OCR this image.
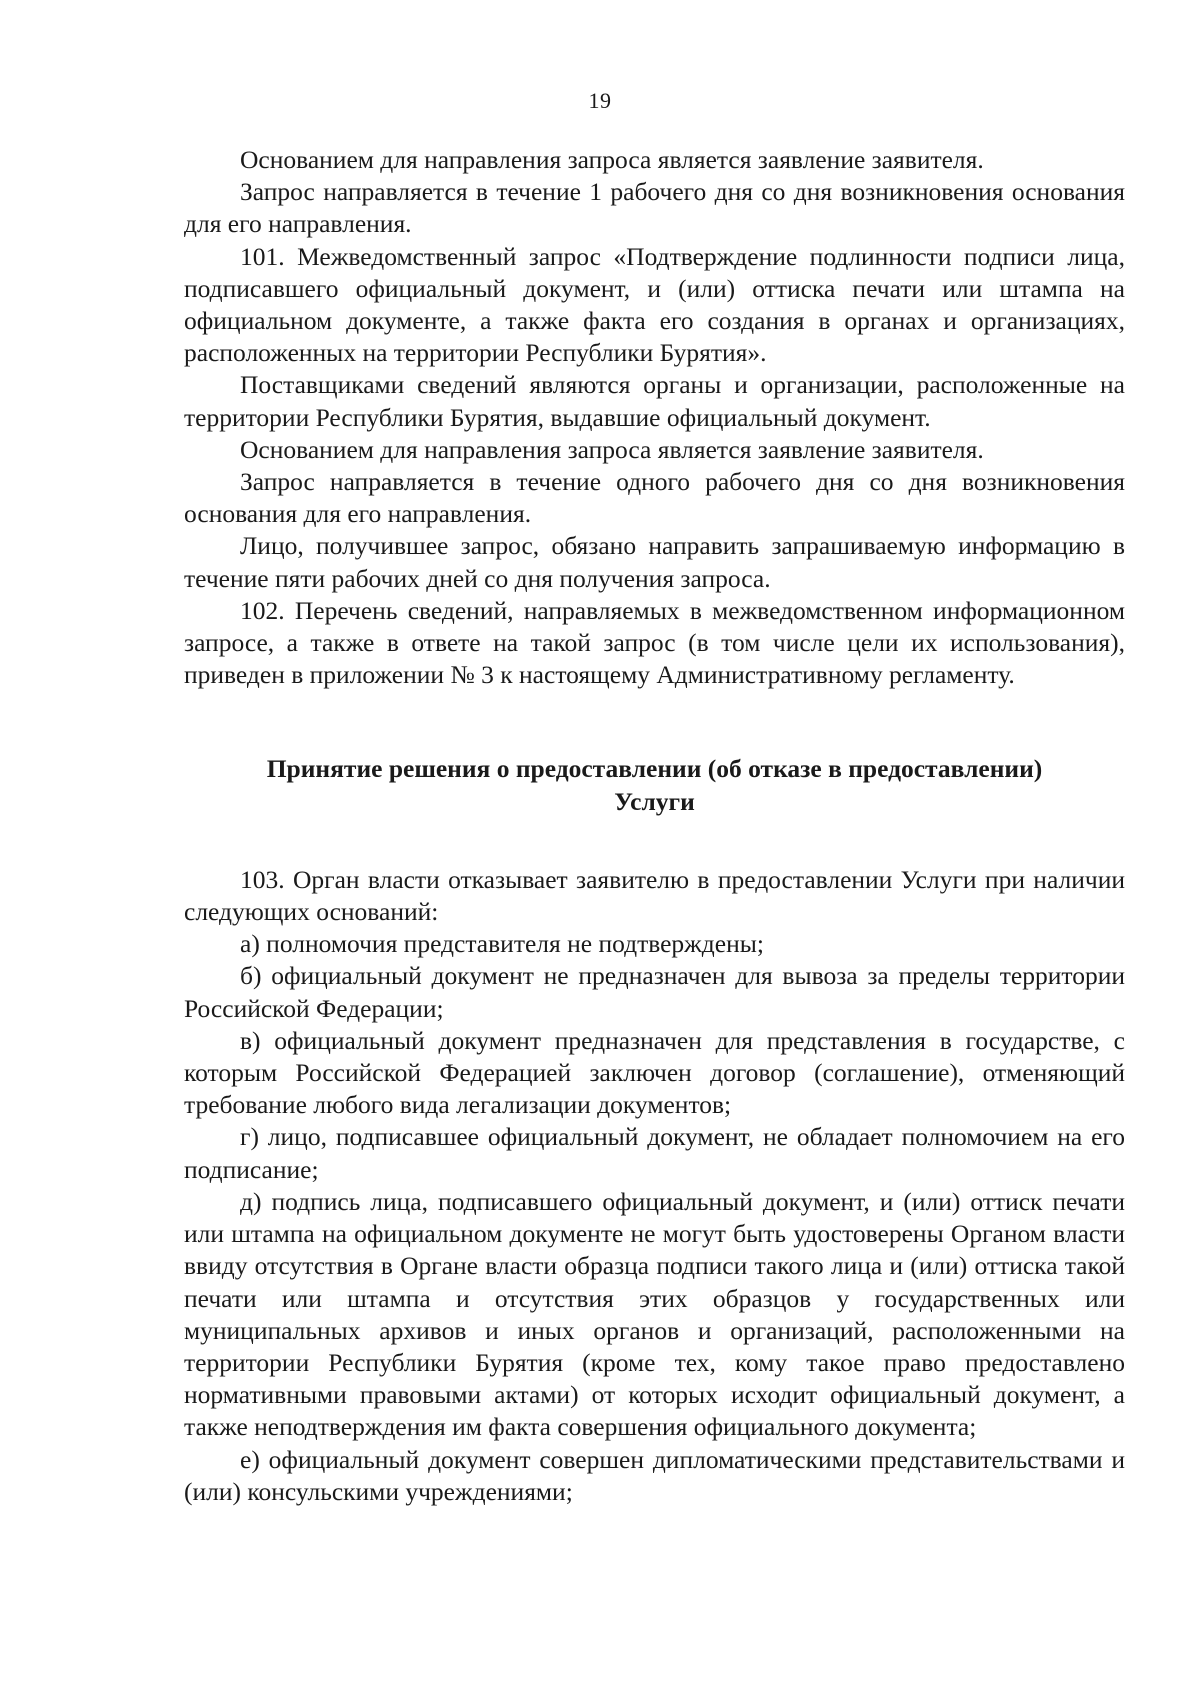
19

Основанием для направления запроса является заявление заявителя.

Запрос направляется в течение 1 рабочего дня со дня возникновения основания для его направления.

101. Межведомственный запрос «Подтверждение подлинности подписи лица, подписавшего официальный документ, и (или) оттиска печати или штампа на официальном документе, а также факта его создания в органах и организациях, расположенных на территории Республики Бурятия».

Поставщиками сведений являются органы и организации, расположенные на территории Республики Бурятия, выдавшие официальный документ.

Основанием для направления запроса является заявление заявителя.

Запрос направляется в течение одного рабочего дня со дня возникновения основания для его направления.

Лицо, получившее запрос, обязано направить запрашиваемую информацию в течение пяти рабочих дней со дня получения запроса.

102. Перечень сведений, направляемых в межведомственном информационном запросе, а также в ответе на такой запрос (в том числе цели их использования), приведен в приложении № 3 к настоящему Административному регламенту.

Принятие решения о предоставлении (об отказе в предоставлении)

Услуги

103. Орган власти отказывает заявителю в предоставлении Услуги при наличии следующих оснований:

а) полномочия представителя не подтверждены;

б) официальный документ не предназначен для вывоза за пределы территории Российской Федерации;

в) официальный документ предназначен для представления в государстве, с которым Российской Федерацией заключен договор (соглашение), отменяющий требование любого вида легализации документов;

г) лицо, подписавшее официальный документ, не обладает полномочием на его подписание;

д) подпись лица, подписавшего официальный документ, и (или) оттиск печати или штампа на официальном документе не могут быть удостоверены Органом власти ввиду отсутствия в Органе власти образца подписи такого лица и (или) оттиска такой печати или штампа и отсутствия этих образцов у государственных или муниципальных архивов и иных органов и организаций, расположенными на территории Республики Бурятия (кроме тех, кому такое право предоставлено нормативными правовыми актами) от которых исходит официальный документ, а также неподтверждения им факта совершения официального документа;

е) официальный документ совершен дипломатическими представительствами и (или) консульскими учреждениями;
